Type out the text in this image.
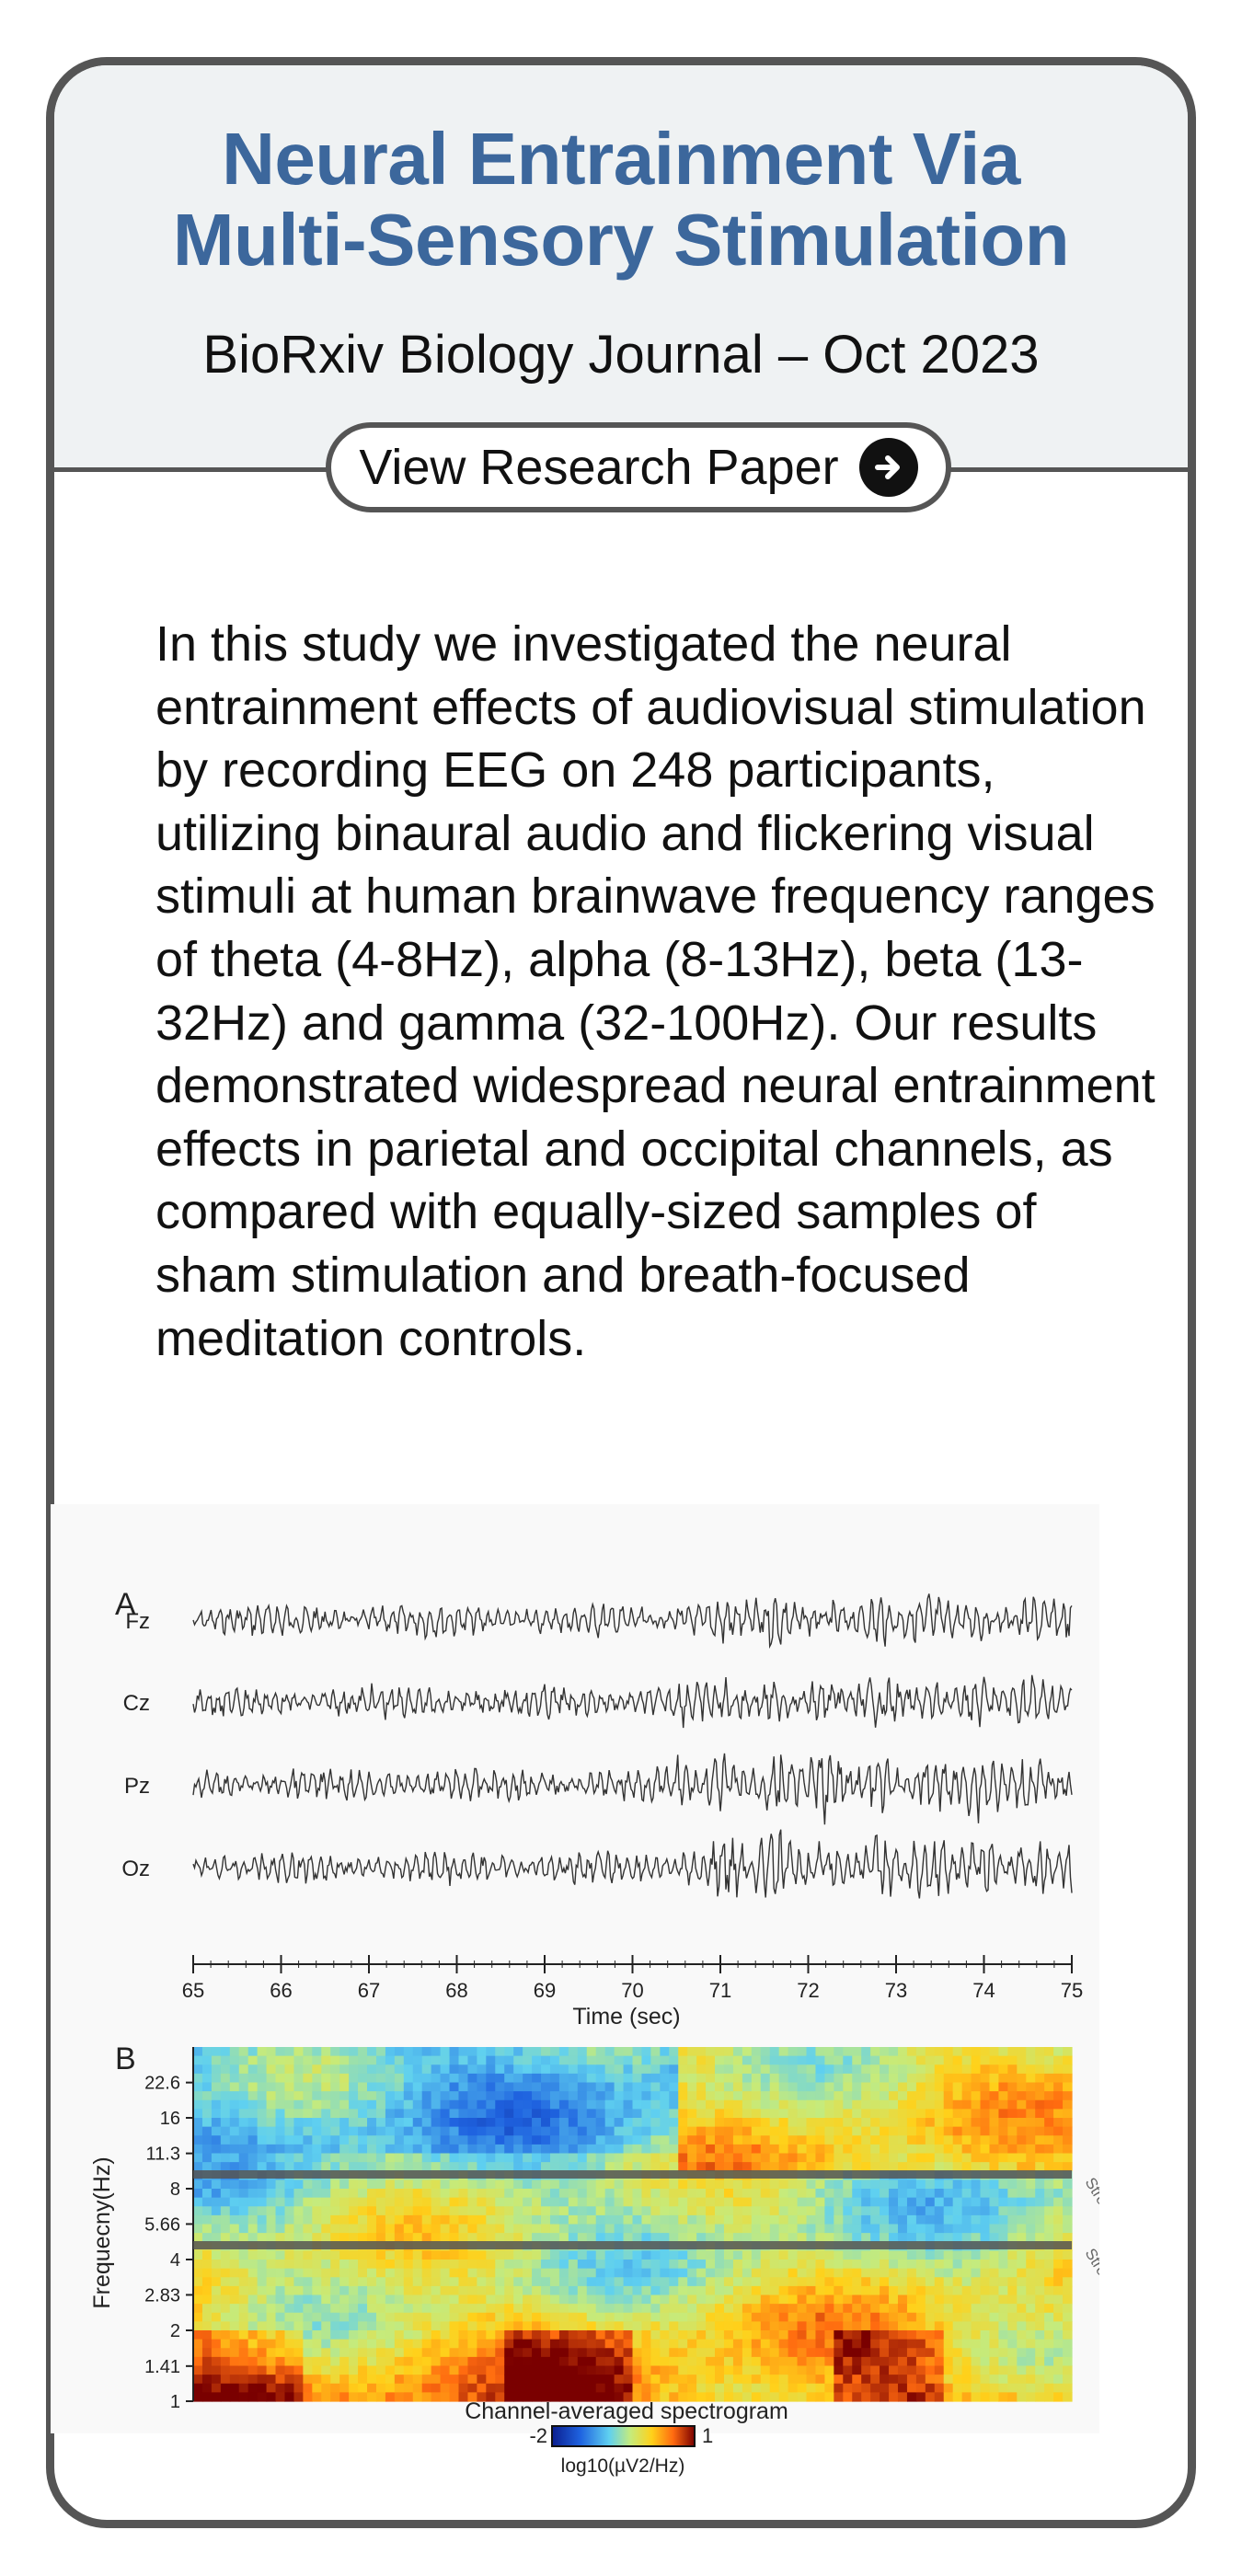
Neural Entrainment Via
Multi-Sensory Stimulation
BioRxiv Biology Journal – Oct 2023
View Research Paper
In this study we investigated the neural entrainment effects of audiovisual stimulation by recording EEG on 248 participants, utilizing binaural audio and flickering visual stimuli at human brainwave frequency ranges of theta (4-8Hz), alpha (8-13Hz), beta (13-32Hz) and gamma (32-100Hz). Our results demonstrated widespread neural entrainment effects in parietal and occipital channels, as compared with equally-sized samples of sham stimulation and breath-focused meditation controls.
A
Fz
Cz
Pz
Oz
65	66	67	68	69	70	71	72	73	74	75
Time (sec)
B
1
1.41
2
2.83
4
5.66
8
11.3
16
22.6
Frequecny(Hz)
Channel-averaged spectrogram
-2	1
log10(µV2/Hz)
